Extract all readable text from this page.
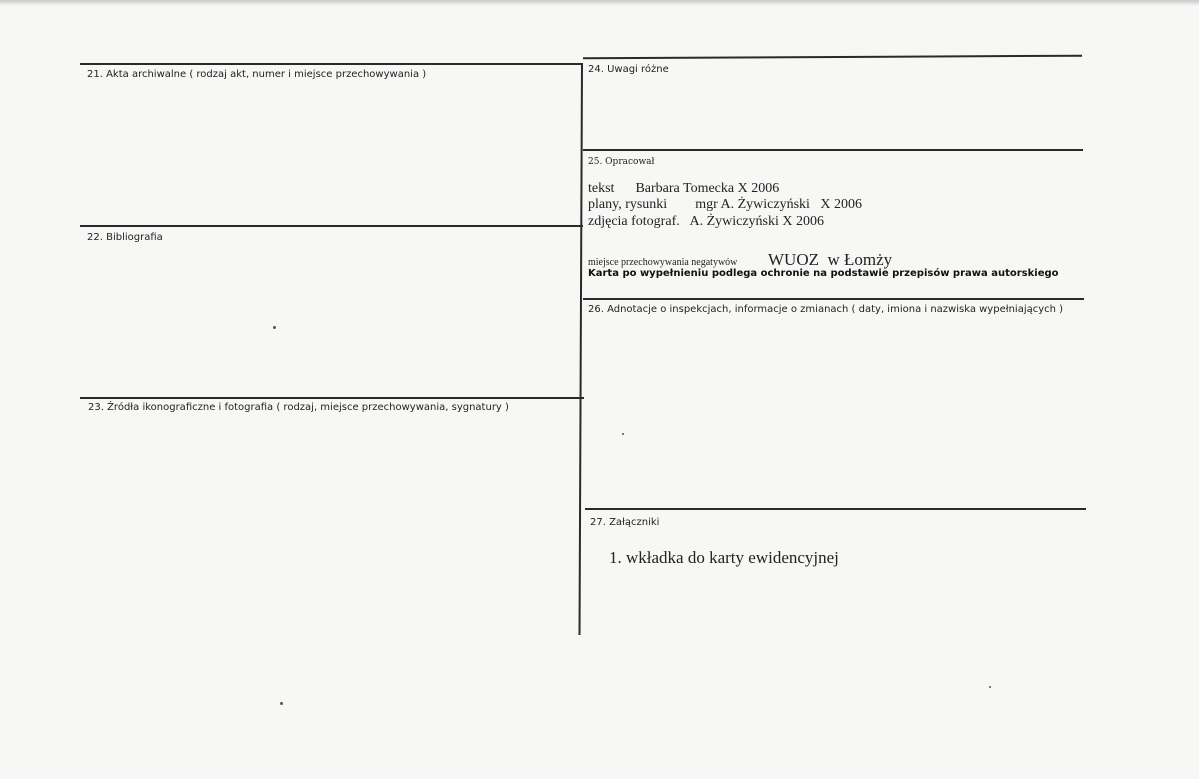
21. Akta archiwalne ( rodzaj akt, numer i miejsce przechowywania )
22. Bibliografia
23. Źródła ikonograficzne i fotografia ( rodzaj, miejsce przechowywania, sygnatury )
24. Uwagi różne
25. Opracował
tekst      Barbara Tomecka X 2006
plany, rysunki        mgr A. Żywiczyński   X 2006
zdjęcia fotograf.   A. Żywiczyński X 2006
miejsce przechowywania negatywów WUOZ  w Łomży
Karta po wypełnieniu podlega ochronie na podstawie przepisów prawa autorskiego
26. Adnotacje o inspekcjach, informacje o zmianach ( daty, imiona i nazwiska wypełniających )
27. Załączniki
1. wkładka do karty ewidencyjnej
